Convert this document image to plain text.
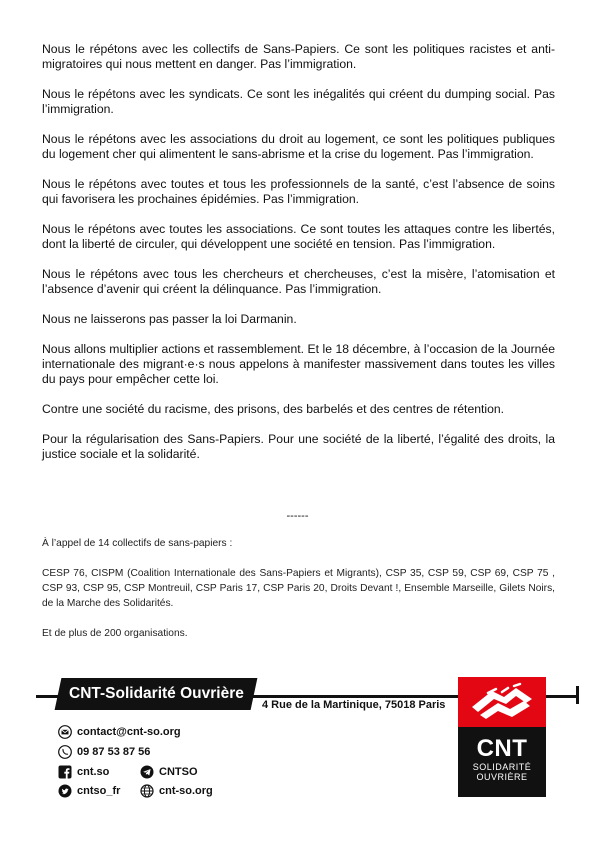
Nous le répétons avec les collectifs de Sans-Papiers. Ce sont les politiques racistes et anti-migratoires qui nous mettent en danger. Pas l’immigration.

Nous le répétons avec les syndicats. Ce sont les inégalités qui créent du dumping social. Pas l’immigration.

Nous le répétons avec les associations du droit au logement, ce sont les politiques publiques du logement cher qui alimentent le sans-abrisme et la crise du logement. Pas l’immigration.

Nous le répétons avec toutes et tous les professionnels de la santé, c’est l’absence de soins qui favorisera les prochaines épidémies. Pas l’immigration.

Nous le répétons avec toutes les associations. Ce sont toutes les attaques contre les libertés, dont la liberté de circuler, qui développent une société en tension. Pas l’immigration.

Nous le répétons avec tous les chercheurs et chercheuses, c’est la misère, l’atomisation et l’absence d’avenir qui créent la délinquance. Pas l’immigration.

Nous ne laisserons pas passer la loi Darmanin.

Nous allons multiplier actions et rassemblement. Et le 18 décembre, à l’occasion de la Journée internationale des migrant·e·s nous appelons à manifester massivement dans toutes les villes du pays pour empêcher cette loi.

Contre une société du racisme, des prisons, des barbelés et des centres de rétention.

Pour la régularisation des Sans-Papiers. Pour une société de la liberté, l’égalité des droits, la justice sociale et la solidarité.

------

À l’appel de 14 collectifs de sans-papiers :

CESP 76, CISPM (Coalition Internationale des Sans-Papiers et Migrants), CSP 35, CSP 59, CSP 69, CSP 75 , CSP 93, CSP 95, CSP Montreuil, CSP Paris 17, CSP Paris 20, Droits Devant !, Ensemble Marseille, Gilets Noirs, de la Marche des Solidarités.

Et de plus de 200 organisations.

CNT-Solidarité Ouvrière
4 Rue de la Martinique, 75018 Paris
contact@cnt-so.org
09 87 53 87 56
cnt.so	CNTSO
cntso_fr	cnt-so.org
CNT
SOLIDARITÉ
OUVRIÈRE
